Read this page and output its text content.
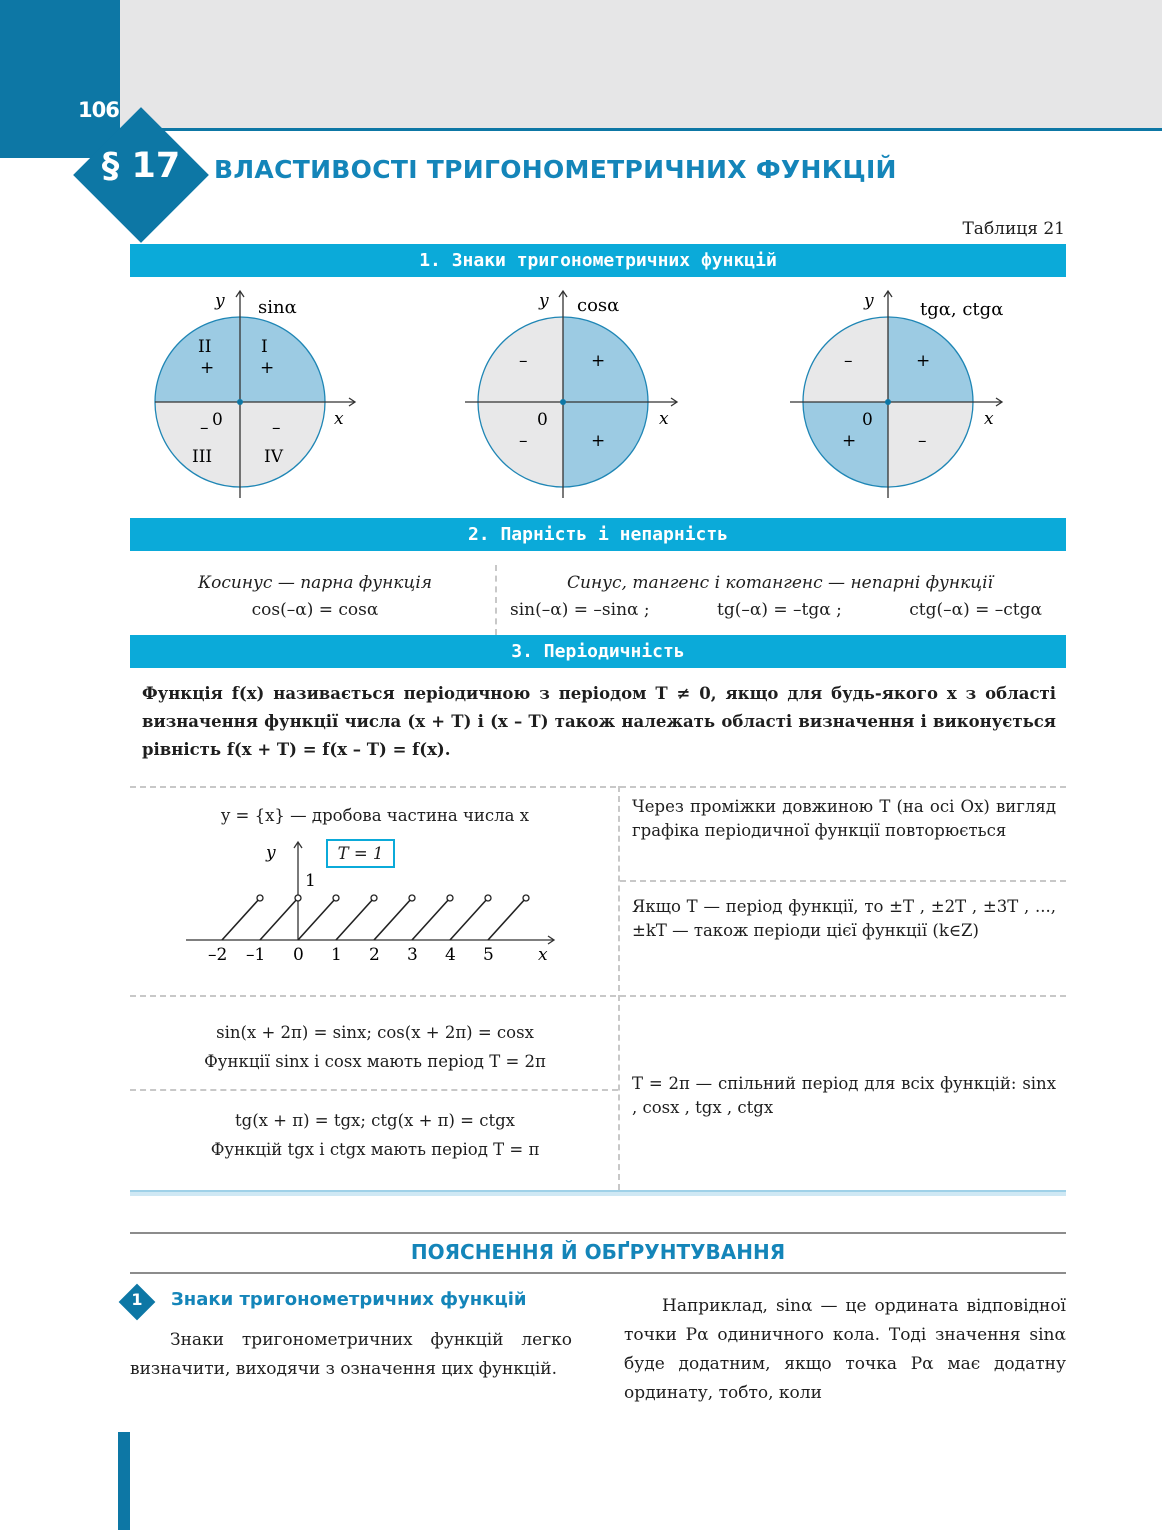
106
§ 17	ВЛАСТИВОСТІ ТРИГОНОМЕТРИЧНИХ ФУНКЦІЙ
Таблиця 21
1. Знаки тригонометричних функцій
y sinα
x
0
II	I
III	IV
+	+
–	–
y cosα
x
0
–	+
–	+
y	tgα, ctgα
x
0
–	+
+	–
2. Парність і непарність
Косинус — парна функція
cos(–α) = cosα
Синус, тангенс і котангенс — непарні функції
sin(–α) = –sinα ;	tg(–α) = –tgα ;	ctg(–α) = –ctgα
3. Періодичність
Функція f(x) називається періодичною з періодом T ≠ 0, якщо для будь-якого x з області визначення функції числа (x + T) і (x – T) також належать області визначення і виконується рівність f(x + T) = f(x – T) = f(x).
y = {x} — дробова частина числа x
T = 1
y
1
–2 –1 0 1 2 3 4 5	x
Через проміжки довжиною T (на осі Ox) вигляд графіка періодичної функції повторюється
Якщо T — період функції, то ±T , ±2T , ±3T , ..., ±kT — також періоди цієї функції (k∈Z)
sin(x + 2π) = sinx; cos(x + 2π) = cosx
Функції sinx і cosx мають період T = 2π
tg(x + π) = tgx; ctg(x + π) = ctgx
Функцій tgx і ctgx мають період T = π
T = 2π — спільний період для всіх функцій: sinx , cosx , tgx , ctgx
ПОЯСНЕННЯ Й ОБҐРУНТУВАННЯ
1	Знаки тригонометричних функцій
Знаки тригонометричних функцій легко визначити, виходячи з означення цих функцій.
Наприклад, sinα — це ордината відповідної точки Pα одиничного кола. Тоді значення sinα буде додатним, якщо точка Pα має додатну ординату, тобто, коли
